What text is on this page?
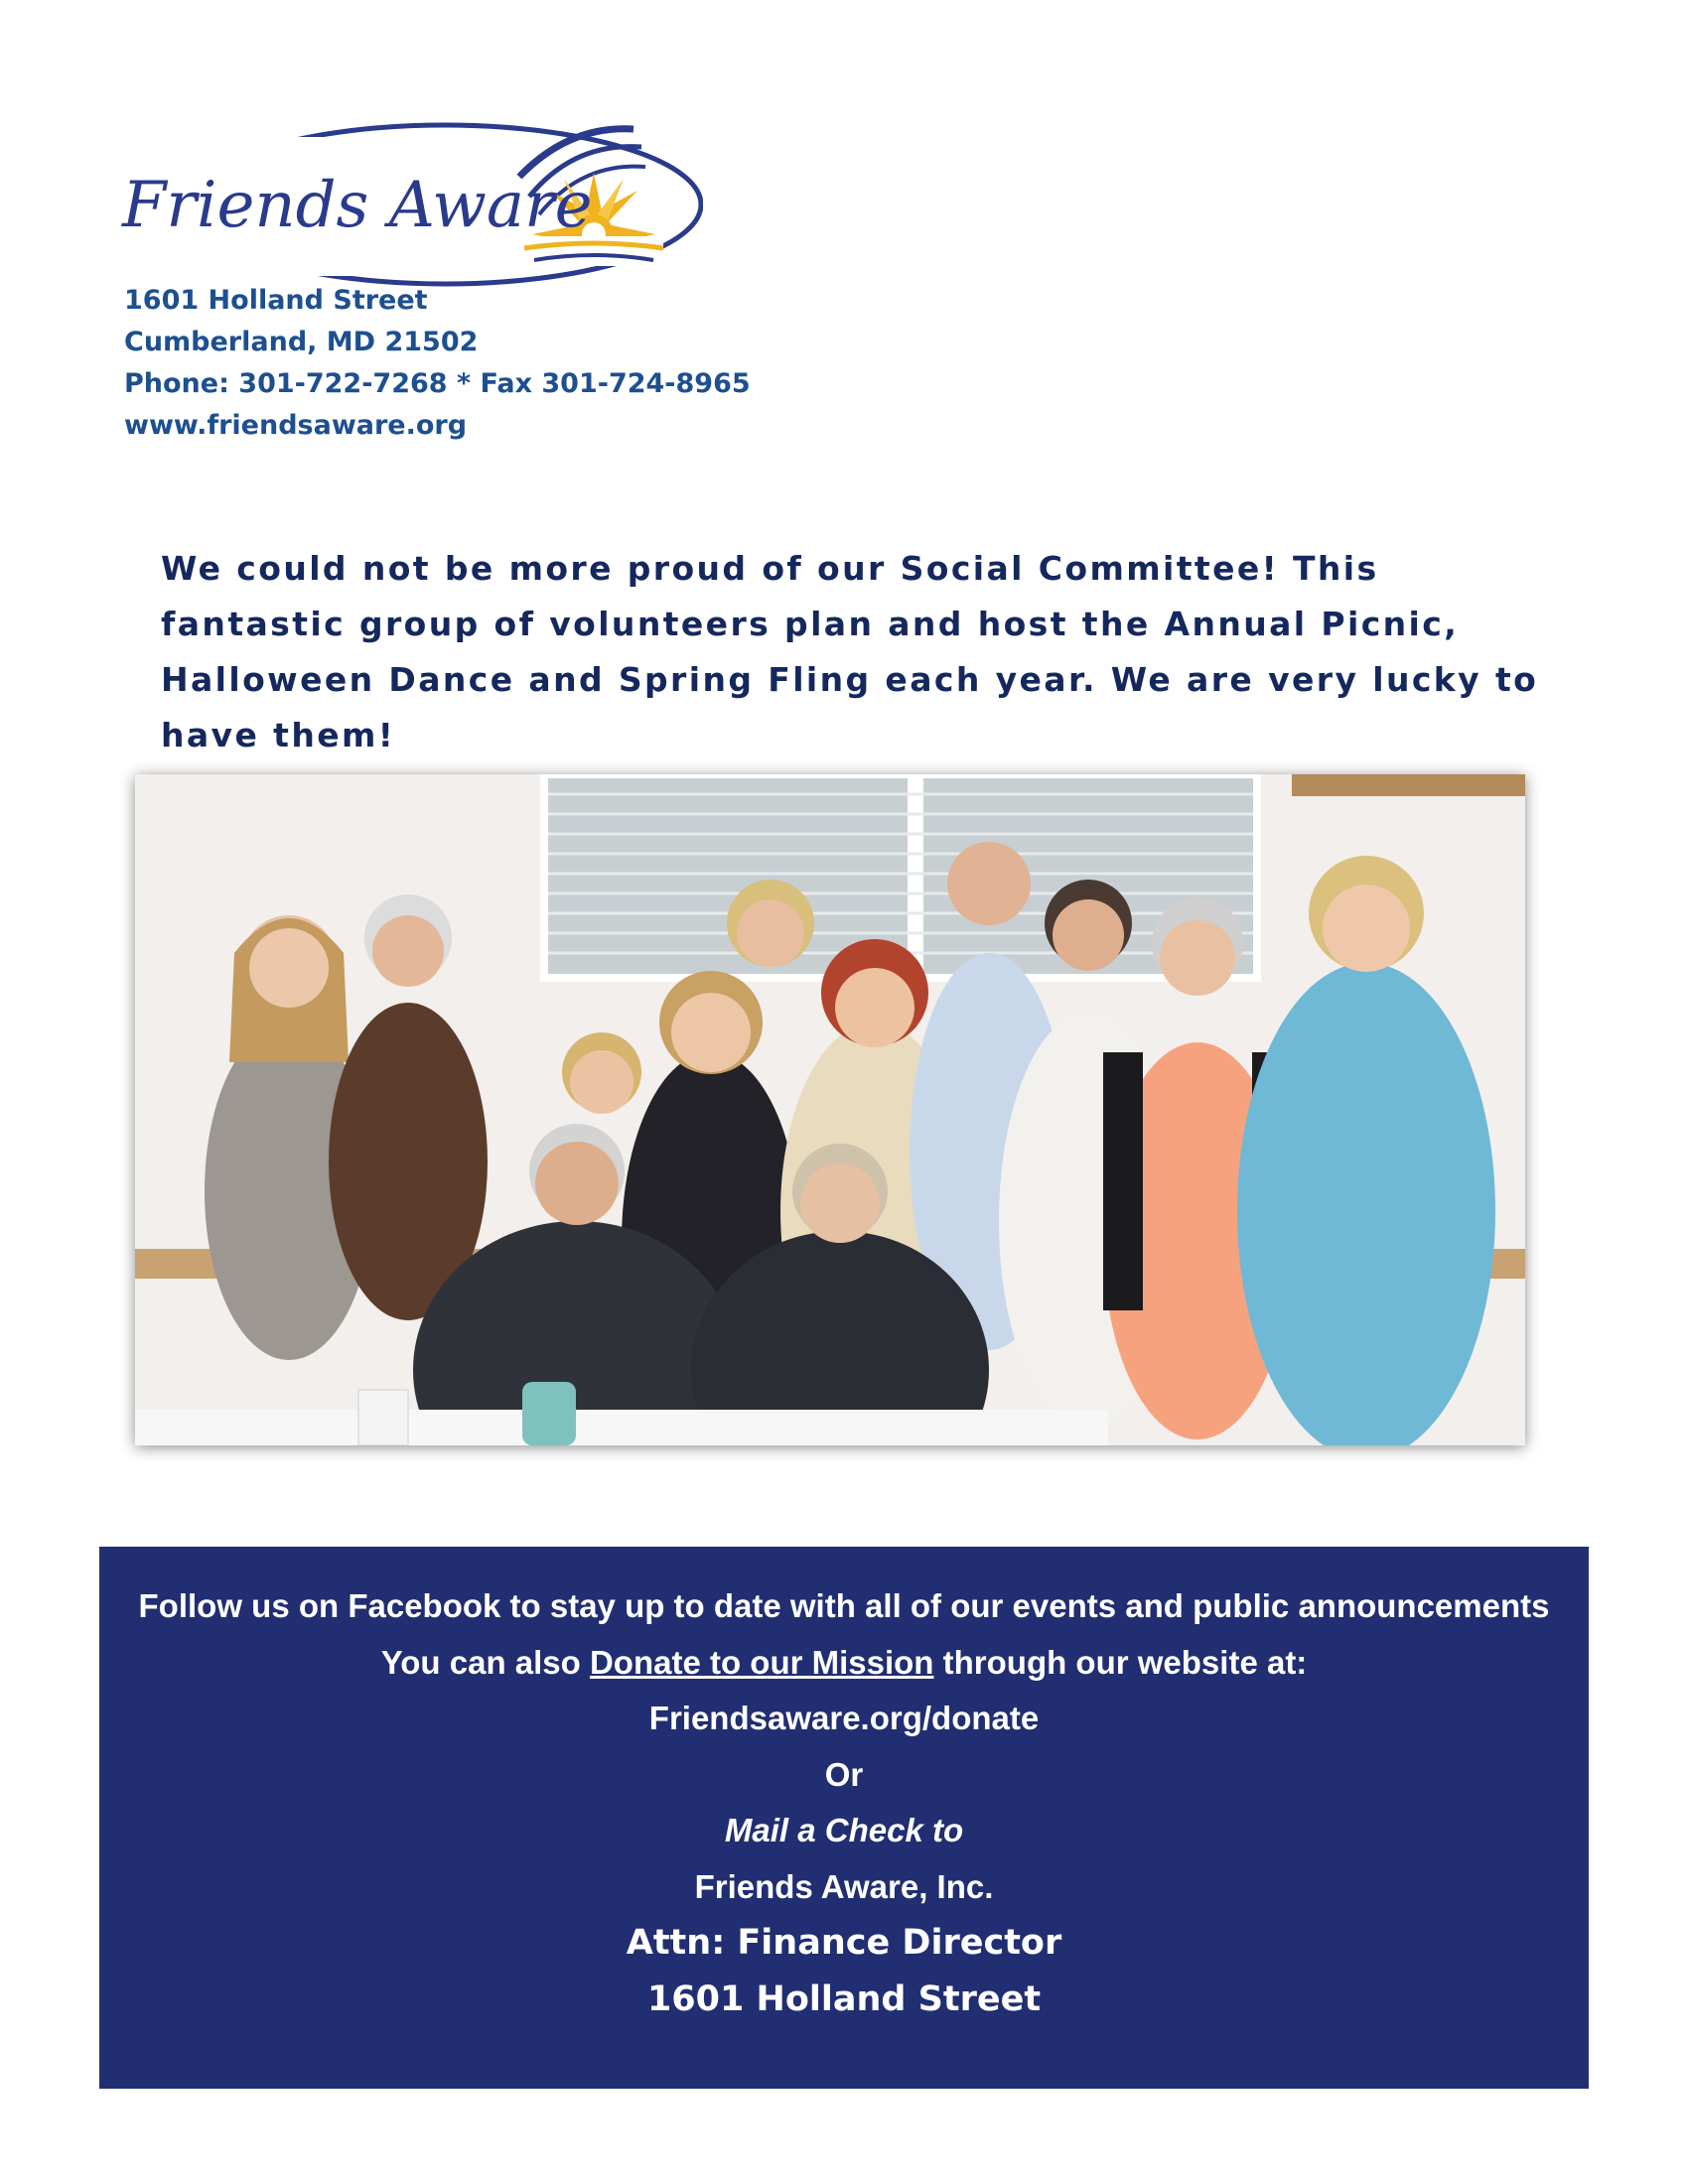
Friends Aware
1601 Holland Street
Cumberland, MD 21502
Phone: 301-722-7268 * Fax 301-724-8965
www.friendsaware.org

We could not be more proud of our Social Committee! This fantastic group of volunteers plan and host the Annual Picnic, Halloween Dance and Spring Fling each year. We are very lucky to have them!

Follow us on Facebook to stay up to date with all of our events and public announcements
You can also Donate to our Mission through our website at:
Friendsaware.org/donate
Or
Mail a Check to
Friends Aware, Inc.
Attn: Finance Director
1601 Holland Street
